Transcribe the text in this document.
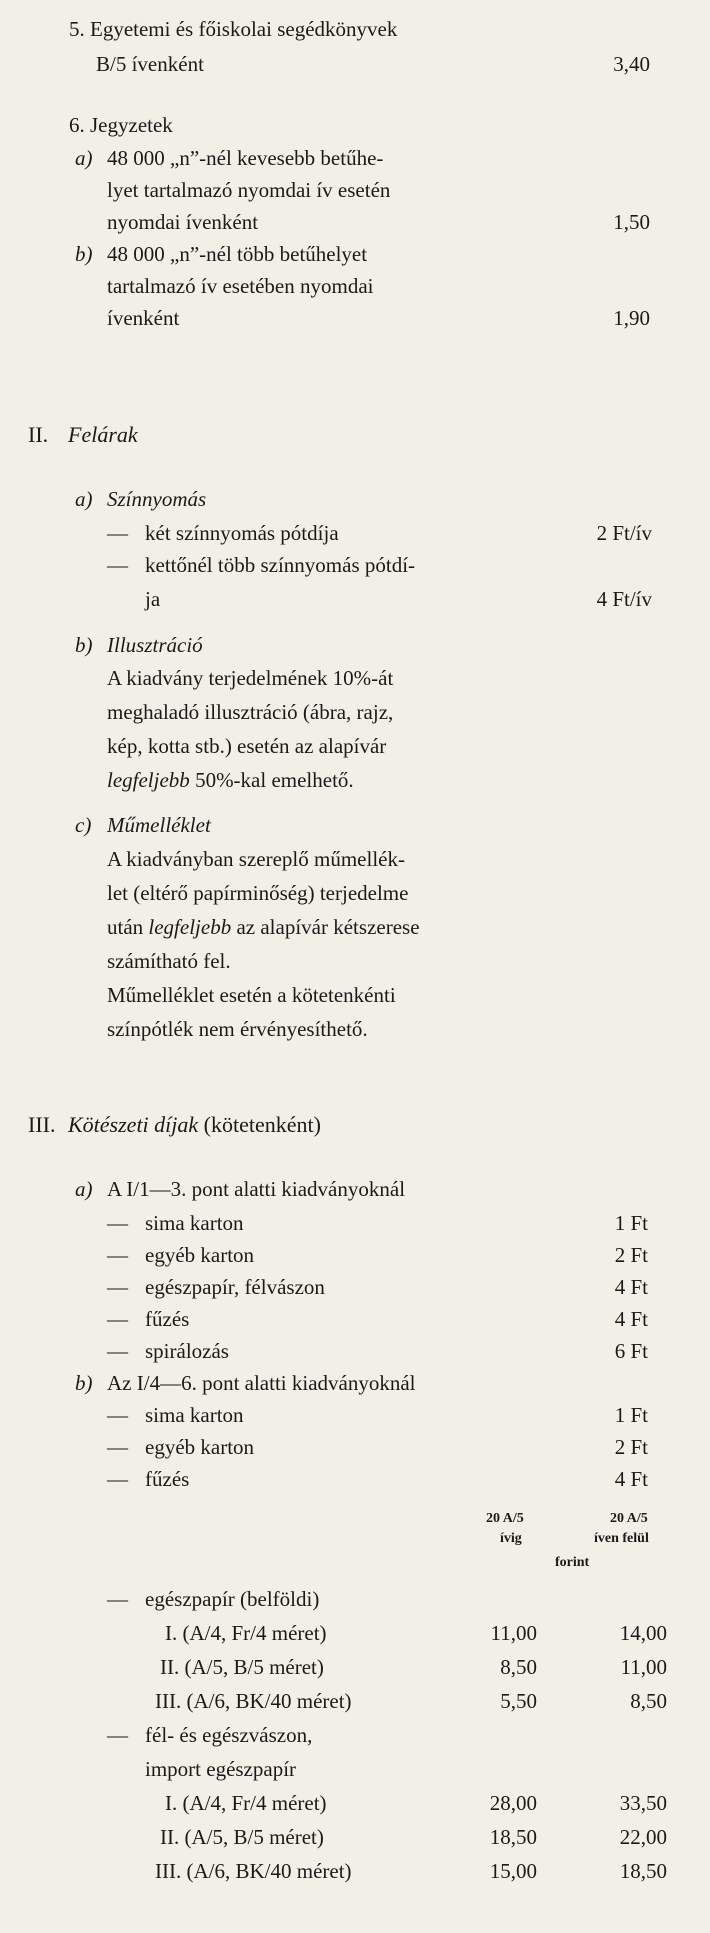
5. Egyetemi és főiskolai segédkönyvek
B/5 ívenként	3,40
6. Jegyzetek
a) 48 000 „n”-nél kevesebb betűhe-
lyet tartalmazó nyomdai ív esetén
nyomdai ívenként	1,50
b) 48 000 „n”-nél több betűhelyet
tartalmazó ív esetében nyomdai
ívenként	1,90
II. Felárak
a) Színnyomás
— két színnyomás pótdíja	2 Ft/ív
— kettőnél több színnyomás pótdí-
ja	4 Ft/ív
b) Illusztráció
A kiadvány terjedelmének 10%-át
meghaladó illusztráció (ábra, rajz,
kép, kotta stb.) esetén az alapívár
legfeljebb 50%-kal emelhető.
c) Műmelléklet
A kiadványban szereplő műmellék-
let (eltérő papírminőség) terjedelme
után legfeljebb az alapívár kétszerese
számítható fel.
Műmelléklet esetén a kötetenkénti
színpótlék nem érvényesíthető.
III. Kötészeti díjak (kötetenként)
a) A I/1—3. pont alatti kiadványoknál
— sima karton	1 Ft
— egyéb karton	2 Ft
— egészpapír, félvászon	4 Ft
— fűzés	4 Ft
— spirálozás	6 Ft
b) Az I/4—6. pont alatti kiadványoknál
— sima karton	1 Ft
— egyéb karton	2 Ft
— fűzés	4 Ft
20 A/5
ívig
20 A/5
íven felül
forint
— egészpapír (belföldi)
I. (A/4, Fr/4 méret)	11,00	14,00
II. (A/5, B/5 méret)	8,50	11,00
III. (A/6, BK/40 méret)	5,50	8,50
— fél- és egészvászon,
import egészpapír
I. (A/4, Fr/4 méret)	28,00	33,50
II. (A/5, B/5 méret)	18,50	22,00
III. (A/6, BK/40 méret)	15,00	18,50
